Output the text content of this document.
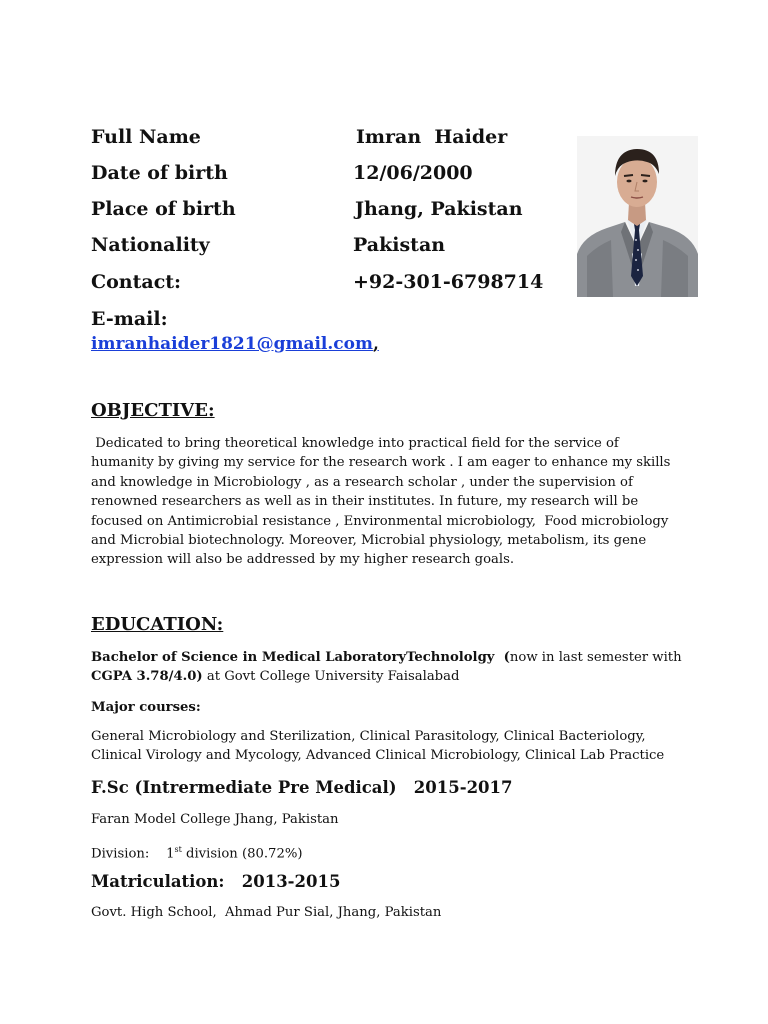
Full Name	Imran  Haider
Date of birth	12/06/2000
Place of birth	Jhang, Pakistan
Nationality	Pakistan
Contact:	+92-301-6798714
E-mail:
imranhaider1821@gmail.com,
OBJECTIVE:
Dedicated to bring theoretical knowledge into practical field for the service of humanity by giving my service for the research work . I am eager to enhance my skills and knowledge in Microbiology , as a research scholar , under the supervision of  renowned researchers as well as in their institutes. In future, my research will be focused on Antimicrobial resistance , Environmental microbiology,  Food microbiology and Microbial biotechnology. Moreover, Microbial physiology, metabolism, its gene expression will also be addressed by my higher research goals.
EDUCATION:
Bachelor of Science in Medical LaboratoryTechnololgy  (now in last semester with CGPA 3.78/4.0) at Govt College University Faisalabad
Major courses:
General Microbiology and Sterilization, Clinical Parasitology, Clinical Bacteriology, Clinical Virology and Mycology, Advanced Clinical Microbiology, Clinical Lab Practice
F.Sc (Intrermediate Pre Medical)   2015-2017
Faran Model College Jhang, Pakistan
Division:    1st division (80.72%)
Matriculation:   2013-2015
Govt. High School,  Ahmad Pur Sial, Jhang, Pakistan
